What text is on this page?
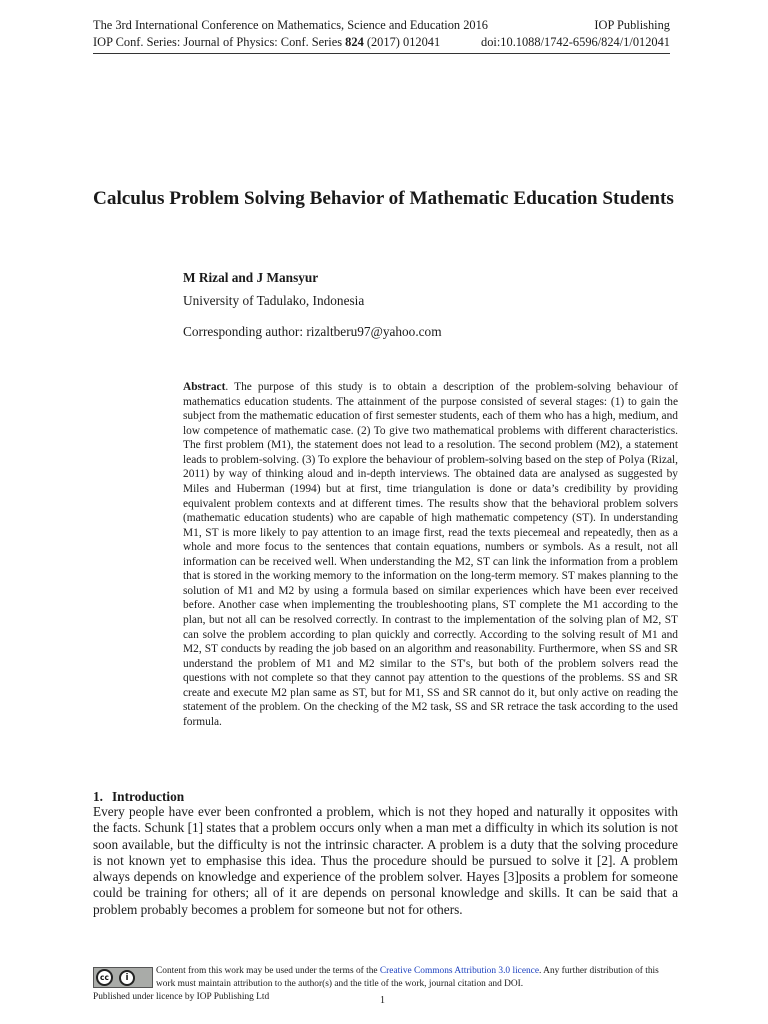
The 3rd International Conference on Mathematics, Science and Education 2016	IOP Publishing
IOP Conf. Series: Journal of Physics: Conf. Series 824 (2017) 012041	doi:10.1088/1742-6596/824/1/012041
Calculus Problem Solving Behavior of Mathematic Education Students
M Rizal and J Mansyur
University of Tadulako, Indonesia
Corresponding author: rizaltberu97@yahoo.com
Abstract. The purpose of this study is to obtain a description of the problem-solving behaviour of mathematics education students. The attainment of the purpose consisted of several stages: (1) to gain the subject from the mathematic education of first semester students, each of them who has a high, medium, and low competence of mathematic case. (2) To give two mathematical problems with different characteristics. The first problem (M1), the statement does not lead to a resolution. The second problem (M2), a statement leads to problem-solving. (3) To explore the behaviour of problem-solving based on the step of Polya (Rizal, 2011) by way of thinking aloud and in-depth interviews. The obtained data are analysed as suggested by Miles and Huberman (1994) but at first, time triangulation is done or data’s credibility by providing equivalent problem contexts and at different times. The results show that the behavioral problem solvers (mathematic education students) who are capable of high mathematic competency (ST). In understanding M1, ST is more likely to pay attention to an image first, read the texts piecemeal and repeatedly, then as a whole and more focus to the sentences that contain equations, numbers or symbols. As a result, not all information can be received well. When understanding the M2, ST can link the information from a problem that is stored in the working memory to the information on the long-term memory. ST makes planning to the solution of M1 and M2 by using a formula based on similar experiences which have been ever received before. Another case when implementing the troubleshooting plans, ST complete the M1 according to the plan, but not all can be resolved correctly. In contrast to the implementation of the solving plan of M2, ST can solve the problem according to plan quickly and correctly. According to the solving result of M1 and M2, ST conducts by reading the job based on an algorithm and reasonability. Furthermore, when SS and SR understand the problem of M1 and M2 similar to the ST's, but both of the problem solvers read the questions with not complete so that they cannot pay attention to the questions of the problems. SS and SR create and execute M2 plan same as ST, but for M1, SS and SR cannot do it, but only active on reading the statement of the problem. On the checking of the M2 task, SS and SR retrace the task according to the used formula.
1. Introduction
Every people have ever been confronted a problem, which is not they hoped and naturally it opposites with the facts. Schunk [1] states that a problem occurs only when a man met a difficulty in which its solution is not soon available, but the difficulty is not the intrinsic character. A problem is a duty that the solving procedure is not known yet to emphasise this idea. Thus the procedure should be pursued to solve it [2]. A problem always depends on knowledge and experience of the problem solver. Hayes [3]posits a problem for someone could be training for others; all of it are depends on personal knowledge and skills. It can be said that a problem probably becomes a problem for someone but not for others.
cc	i
Content from this work may be used under the terms of the Creative Commons Attribution 3.0 licence. Any further distribution of this work must maintain attribution to the author(s) and the title of the work, journal citation and DOI.
Published under licence by IOP Publishing Ltd	1
